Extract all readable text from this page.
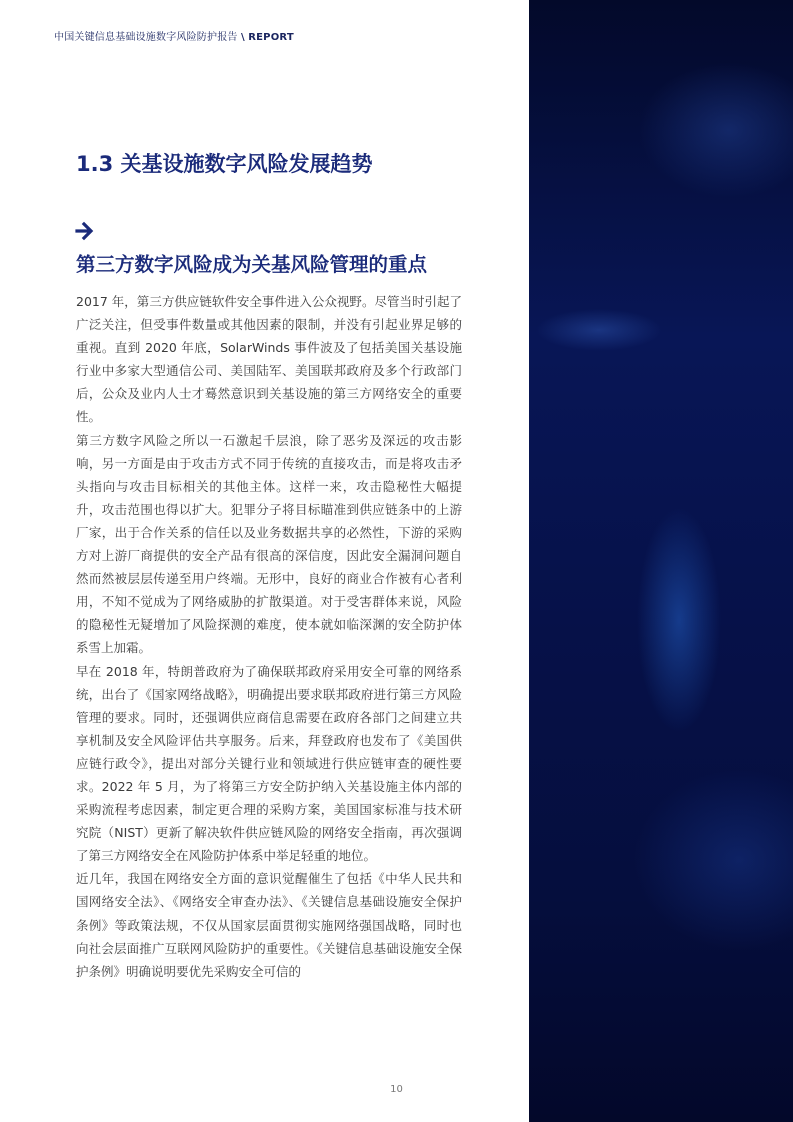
中国关键信息基础设施数字风险防护报告 \ REPORT
1.3 关基设施数字风险发展趋势
第三方数字风险成为关基风险管理的重点

2017 年，第三方供应链软件安全事件进入公众视野。尽管当时引起了广泛关注，但受事件数量或其他因素的限制，并没有引起业界足够的重视。直到 2020 年底，SolarWinds 事件波及了包括美国关基设施行业中多家大型通信公司、美国陆军、美国联邦政府及多个行政部门后，公众及业内人士才蓦然意识到关基设施的第三方网络安全的重要性。

第三方数字风险之所以一石激起千层浪，除了恶劣及深远的攻击影响，另一方面是由于攻击方式不同于传统的直接攻击，而是将攻击矛头指向与攻击目标相关的其他主体。这样一来，攻击隐秘性大幅提升，攻击范围也得以扩大。犯罪分子将目标瞄准到供应链条中的上游厂家，出于合作关系的信任以及业务数据共享的必然性，下游的采购方对上游厂商提供的安全产品有很高的深信度，因此安全漏洞问题自然而然被层层传递至用户终端。无形中，良好的商业合作被有心者利用，不知不觉成为了网络威胁的扩散渠道。对于受害群体来说，风险的隐秘性无疑增加了风险探测的难度，使本就如临深渊的安全防护体系雪上加霜。

早在 2018 年，特朗普政府为了确保联邦政府采用安全可靠的网络系统，出台了《国家网络战略》，明确提出要求联邦政府进行第三方风险管理的要求。同时，还强调供应商信息需要在政府各部门之间建立共享机制及安全风险评估共享服务。后来，拜登政府也发布了《美国供应链行政令》，提出对部分关键行业和领域进行供应链审查的硬性要求。2022 年 5 月，为了将第三方安全防护纳入关基设施主体内部的采购流程考虑因素，制定更合理的采购方案，美国国家标准与技术研究院（NIST）更新了解决软件供应链风险的网络安全指南，再次强调了第三方网络安全在风险防护体系中举足轻重的地位。

近几年，我国在网络安全方面的意识觉醒催生了包括《中华人民共和国网络安全法》、《网络安全审查办法》、《关键信息基础设施安全保护条例》等政策法规，不仅从国家层面贯彻实施网络强国战略，同时也向社会层面推广互联网风险防护的重要性。《关键信息基础设施安全保护条例》明确说明要优先采购安全可信的

10
